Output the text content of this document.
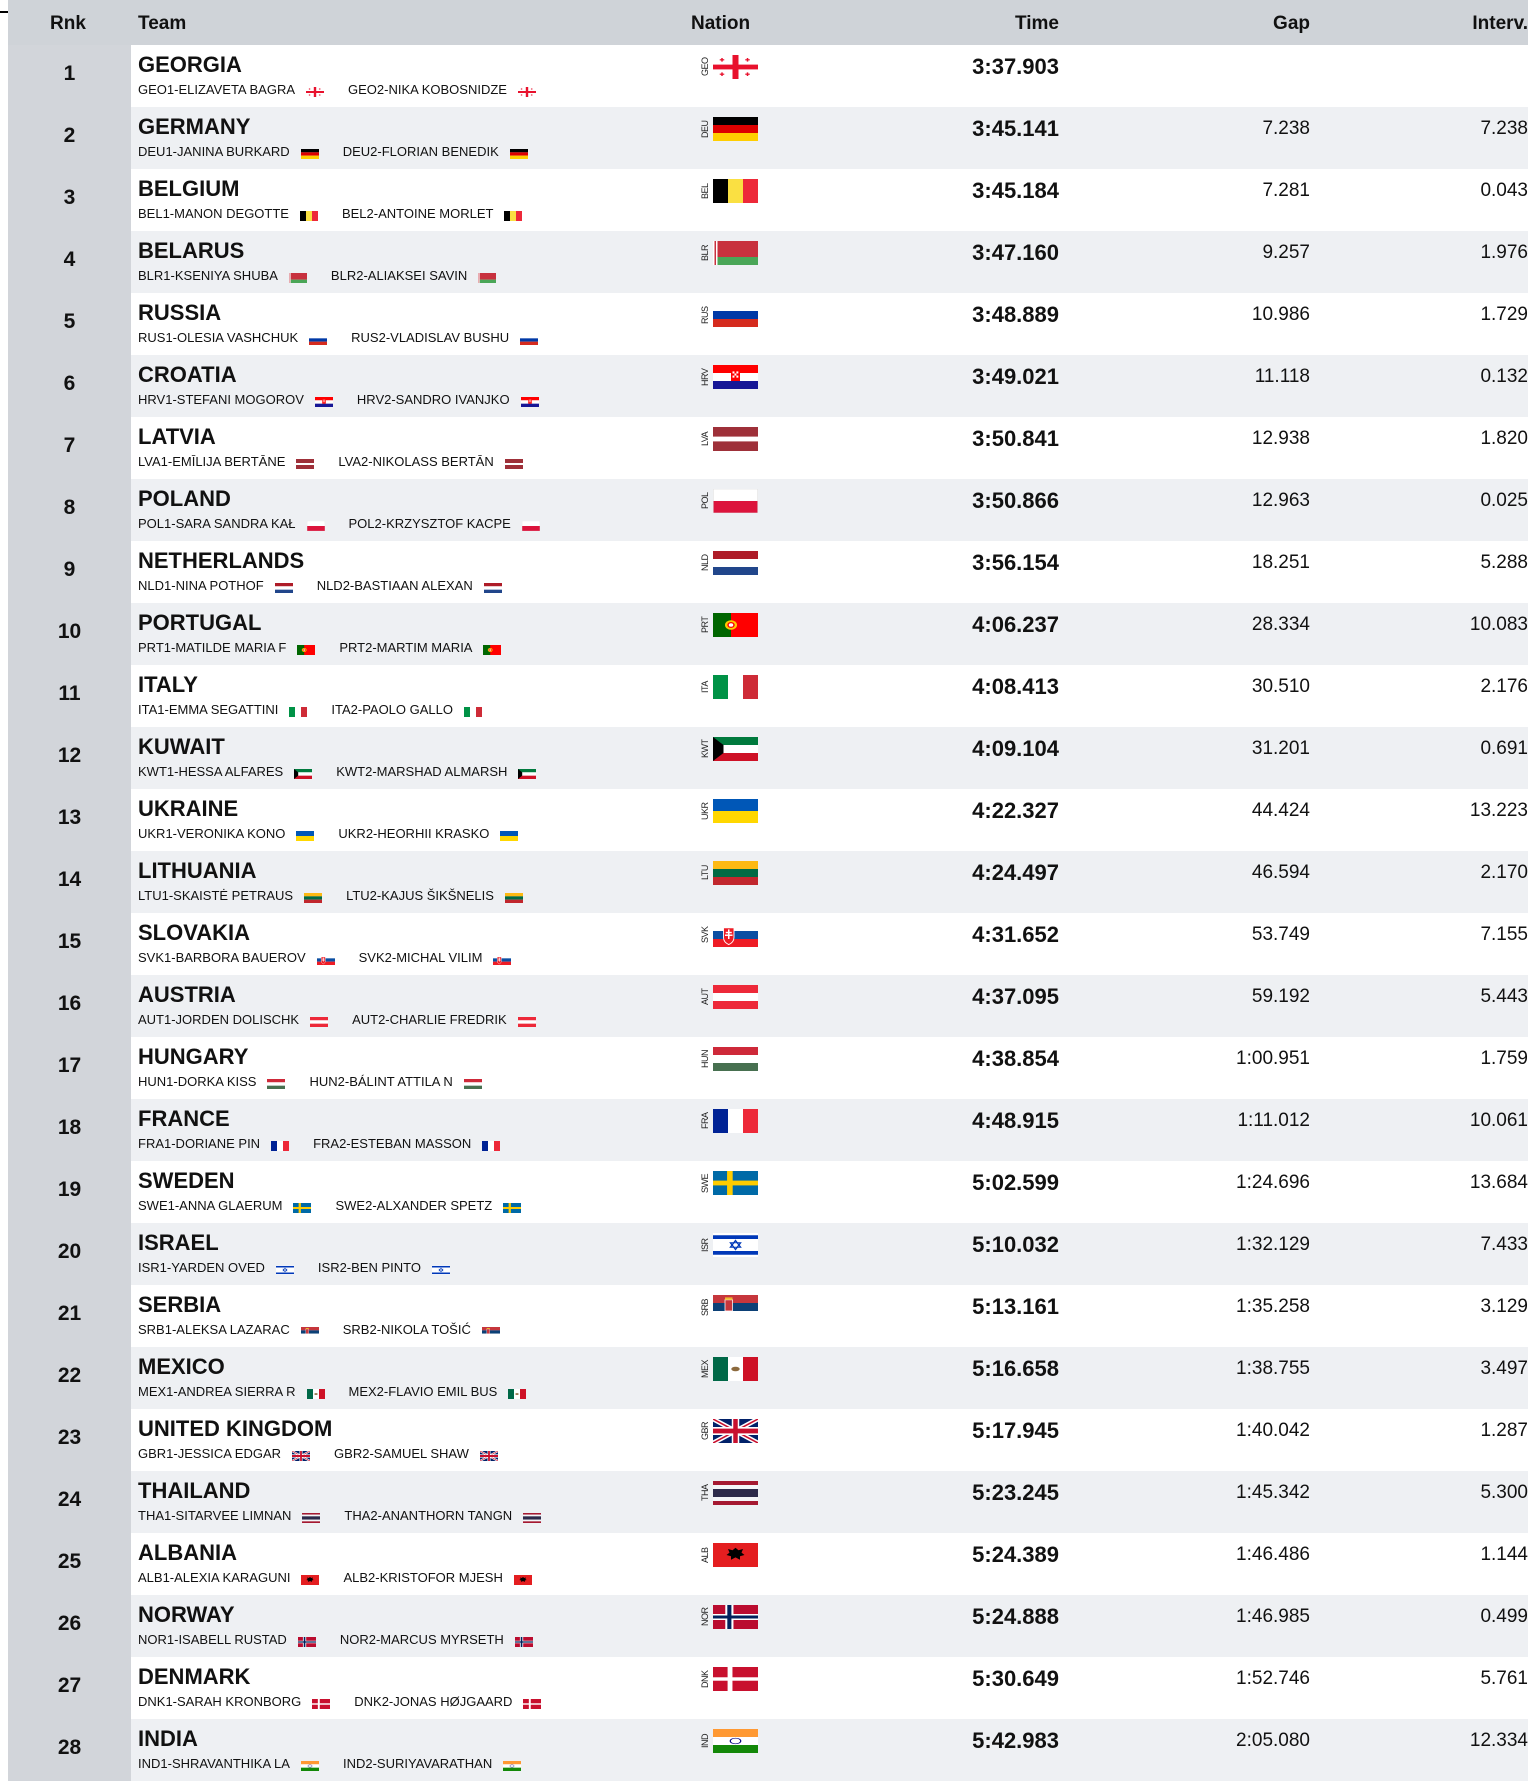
Rnk	Team	Nation	Time	Gap	Interv.
1	GEORGIA
GEO1-ELIZAVETA BAGRA	GEO2-NIKA KOBOSNIDZE
GEO	3:37.903
2	GERMANY
DEU1-JANINA BURKARD	DEU2-FLORIAN BENEDIK
DEU	3:45.141	7.238	7.238
3	BELGIUM
BEL1-MANON DEGOTTE	BEL2-ANTOINE MORLET
BEL	3:45.184	7.281	0.043
4	BELARUS
BLR1-KSENIYA SHUBA	BLR2-ALIAKSEI SAVIN
BLR	3:47.160	9.257	1.976
5	RUSSIA
RUS1-OLESIA VASHCHUK	RUS2-VLADISLAV BUSHU
RUS	3:48.889	10.986	1.729
6	CROATIA
HRV1-STEFANI MOGOROV	HRV2-SANDRO IVANJKO
HRV	3:49.021	11.118	0.132
7	LATVIA
LVA1-EMĪLIJA BERTĀNE	LVA2-NIKOLASS BERTĀN
LVA	3:50.841	12.938	1.820
8	POLAND
POL1-SARA SANDRA KAŁ	POL2-KRZYSZTOF KACPE
POL	3:50.866	12.963	0.025
9	NETHERLANDS
NLD1-NINA POTHOF	NLD2-BASTIAAN ALEXAN
NLD	3:56.154	18.251	5.288
10	PORTUGAL
PRT1-MATILDE MARIA F	PRT2-MARTIM MARIA
PRT	4:06.237	28.334	10.083
11	ITALY
ITA1-EMMA SEGATTINI	ITA2-PAOLO GALLO
ITA	4:08.413	30.510	2.176
12	KUWAIT
KWT1-HESSA ALFARES	KWT2-MARSHAD ALMARSH
KWT	4:09.104	31.201	0.691
13	UKRAINE
UKR1-VERONIKA KONO	UKR2-HEORHII KRASKO
UKR	4:22.327	44.424	13.223
14	LITHUANIA
LTU1-SKAISTĖ PETRAUS	LTU2-KAJUS ŠIKŠNELIS
LTU	4:24.497	46.594	2.170
15	SLOVAKIA
SVK1-BARBORA BAUEROV	SVK2-MICHAL VILIM
SVK	4:31.652	53.749	7.155
16	AUSTRIA
AUT1-JORDEN DOLISCHK	AUT2-CHARLIE FREDRIK
AUT	4:37.095	59.192	5.443
17	HUNGARY
HUN1-DORKA KISS	HUN2-BÁLINT ATTILA N
HUN	4:38.854	1:00.951	1.759
18	FRANCE
FRA1-DORIANE PIN	FRA2-ESTEBAN MASSON
FRA	4:48.915	1:11.012	10.061
19	SWEDEN
SWE1-ANNA GLAERUM	SWE2-ALXANDER SPETZ
SWE	5:02.599	1:24.696	13.684
20	ISRAEL
ISR1-YARDEN OVED	ISR2-BEN PINTO
ISR	5:10.032	1:32.129	7.433
21	SERBIA
SRB1-ALEKSA LAZARAC	SRB2-NIKOLA TOŠIĆ
SRB	5:13.161	1:35.258	3.129
22	MEXICO
MEX1-ANDREA SIERRA R	MEX2-FLAVIO EMIL BUS
MEX	5:16.658	1:38.755	3.497
23	UNITED KINGDOM
GBR1-JESSICA EDGAR	GBR2-SAMUEL SHAW
GBR	5:17.945	1:40.042	1.287
24	THAILAND
THA1-SITARVEE LIMNAN	THA2-ANANTHORN TANGN
THA	5:23.245	1:45.342	5.300
25	ALBANIA
ALB1-ALEXIA KARAGUNI	ALB2-KRISTOFOR MJESH
ALB	5:24.389	1:46.486	1.144
26	NORWAY
NOR1-ISABELL RUSTAD	NOR2-MARCUS MYRSETH
NOR	5:24.888	1:46.985	0.499
27	DENMARK
DNK1-SARAH KRONBORG	DNK2-JONAS HØJGAARD
DNK	5:30.649	1:52.746	5.761
28	INDIA
IND1-SHRAVANTHIKA LA	IND2-SURIYAVARATHAN
IND	5:42.983	2:05.080	12.334
